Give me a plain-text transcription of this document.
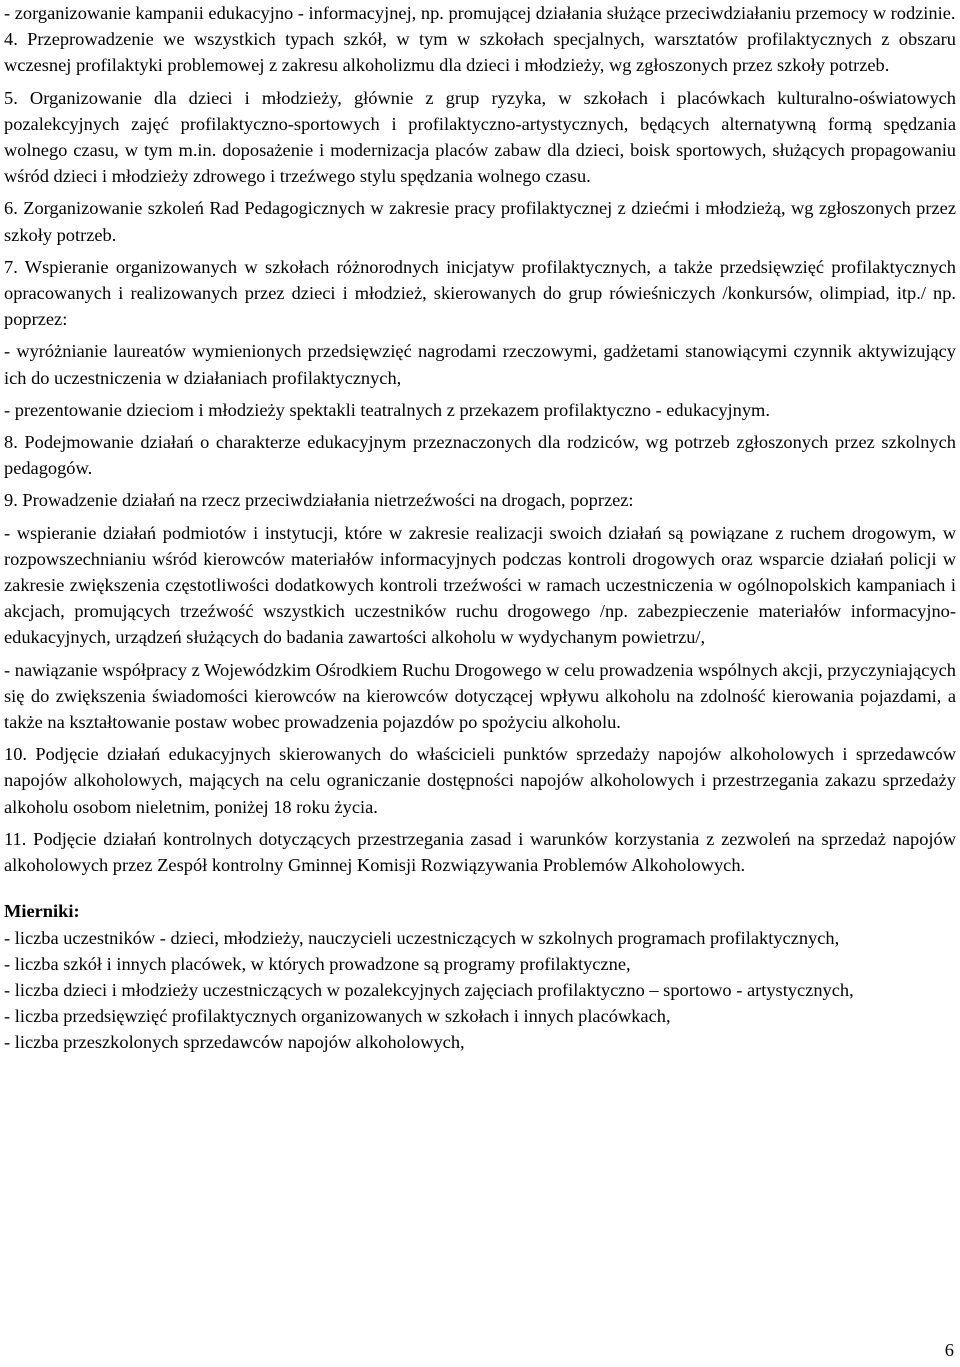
- zorganizowanie kampanii edukacyjno - informacyjnej, np. promującej działania służące przeciwdziałaniu przemocy w rodzinie.

4. Przeprowadzenie we wszystkich typach szkół, w tym w szkołach specjalnych, warsztatów profilaktycznych z obszaru wczesnej profilaktyki problemowej z zakresu alkoholizmu dla dzieci i młodzieży, wg zgłoszonych przez szkoły potrzeb.

5. Organizowanie dla dzieci i młodzieży, głównie z grup ryzyka, w szkołach i placówkach kulturalno-oświatowych pozalekcyjnych zajęć profilaktyczno-sportowych i profilaktyczno-artystycznych, będących alternatywną formą spędzania wolnego czasu, w tym m.in. doposażenie i modernizacja placów zabaw dla dzieci, boisk sportowych, służących propagowaniu wśród dzieci i młodzieży zdrowego i trzeźwego stylu spędzania wolnego czasu.

6. Zorganizowanie szkoleń Rad Pedagogicznych w zakresie pracy profilaktycznej z dziećmi i młodzieżą, wg zgłoszonych przez szkoły potrzeb.

7. Wspieranie organizowanych w szkołach różnorodnych inicjatyw profilaktycznych, a także przedsięwzięć profilaktycznych opracowanych i realizowanych przez dzieci i młodzież, skierowanych do grup rówieśniczych /konkursów, olimpiad, itp./ np. poprzez:

- wyróżnianie laureatów wymienionych przedsięwzięć nagrodami rzeczowymi, gadżetami stanowiącymi czynnik aktywizujący ich do uczestniczenia w działaniach profilaktycznych,

- prezentowanie dzieciom i młodzieży spektakli teatralnych z przekazem profilaktyczno - edukacyjnym.

8. Podejmowanie działań o charakterze edukacyjnym przeznaczonych dla rodziców, wg potrzeb zgłoszonych przez szkolnych pedagogów.

9. Prowadzenie działań na rzecz przeciwdziałania nietrzeźwości na drogach, poprzez:

- wspieranie działań podmiotów i instytucji, które w zakresie realizacji swoich działań są powiązane z ruchem drogowym, w rozpowszechnianiu wśród kierowców materiałów informacyjnych podczas kontroli drogowych oraz wsparcie działań policji w zakresie zwiększenia częstotliwości dodatkowych kontroli trzeźwości w ramach uczestniczenia w ogólnopolskich kampaniach i akcjach, promujących trzeźwość wszystkich uczestników ruchu drogowego /np. zabezpieczenie materiałów informacyjno-edukacyjnych, urządzeń służących do badania zawartości alkoholu w wydychanym powietrzu/,

- nawiązanie współpracy z Wojewódzkim Ośrodkiem Ruchu Drogowego w celu prowadzenia wspólnych akcji, przyczyniających się do zwiększenia świadomości kierowców na kierowców dotyczącej wpływu alkoholu na zdolność kierowania pojazdami, a także na kształtowanie postaw wobec prowadzenia pojazdów po spożyciu alkoholu.

10. Podjęcie działań edukacyjnych skierowanych do właścicieli punktów sprzedaży napojów alkoholowych i sprzedawców napojów alkoholowych, mających na celu ograniczanie dostępności napojów alkoholowych i przestrzegania zakazu sprzedaży alkoholu osobom nieletnim, poniżej 18 roku życia.

11. Podjęcie działań kontrolnych dotyczących przestrzegania zasad i warunków korzystania z zezwoleń na sprzedaż napojów alkoholowych przez Zespół kontrolny Gminnej Komisji Rozwiązywania Problemów Alkoholowych.

Mierniki:

- liczba uczestników - dzieci, młodzieży, nauczycieli uczestniczących w szkolnych programach profilaktycznych,

- liczba szkół i innych placówek, w których prowadzone są programy profilaktyczne,

- liczba dzieci i młodzieży uczestniczących w pozalekcyjnych zajęciach profilaktyczno – sportowo - artystycznych,

- liczba przedsięwzięć profilaktycznych organizowanych w szkołach i innych placówkach,

- liczba przeszkolonych sprzedawców napojów alkoholowych,

6
